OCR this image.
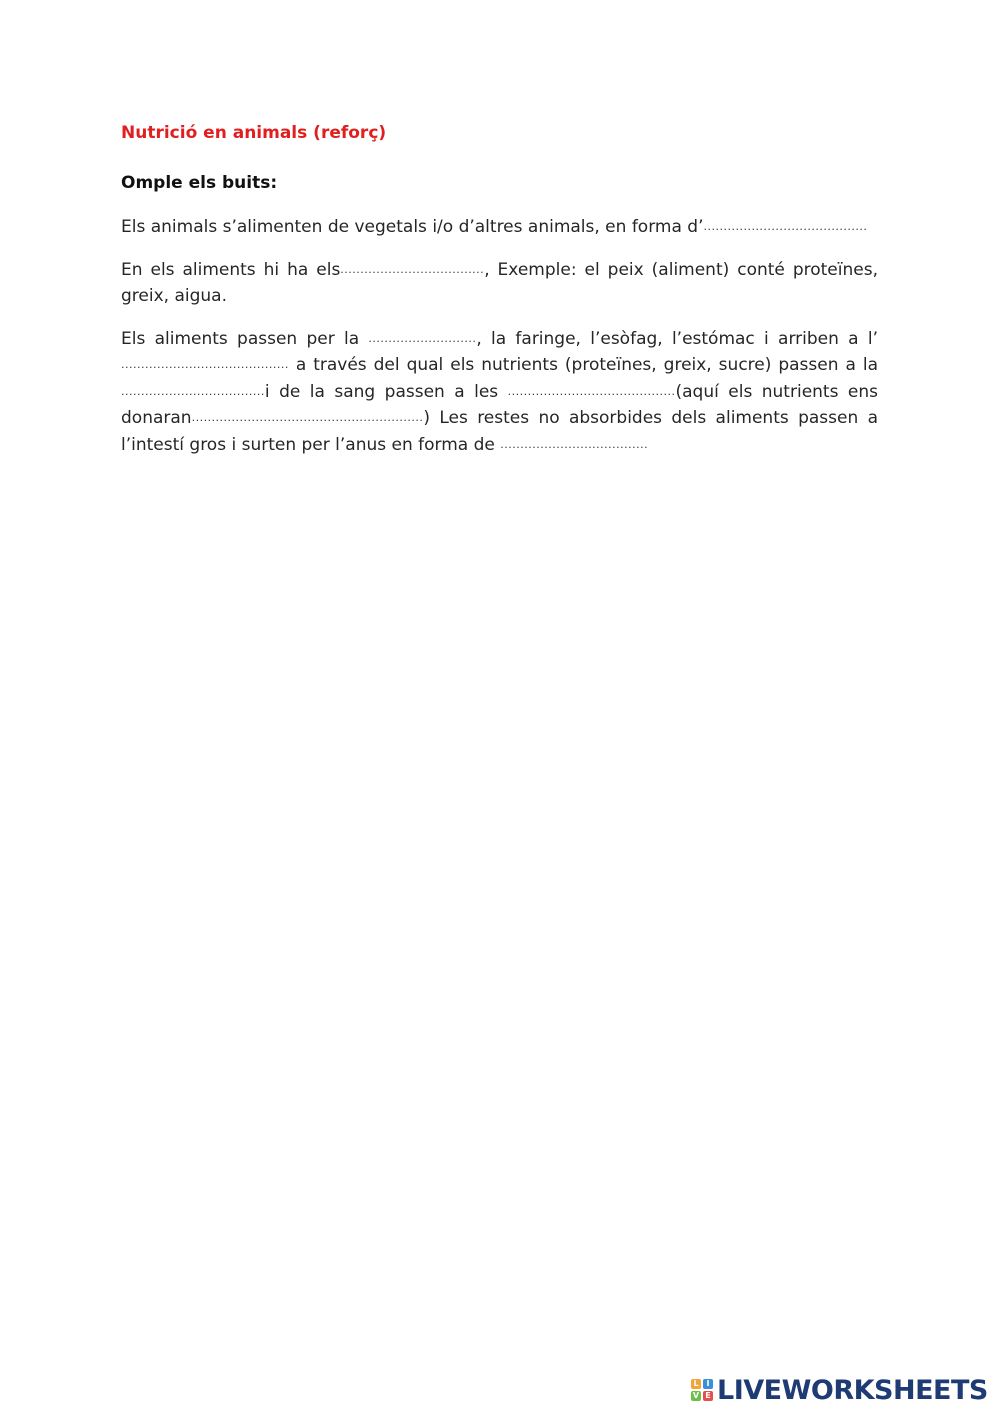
Nutrició en animals (reforç)
Omple els buits:

Els animals s’alimenten de vegetals i/o d’altres animals, en forma d’.........................................

En els aliments hi ha els...................................., Exemple: el peix (aliment) conté proteïnes, greix, aigua.

Els aliments passen per la ..........................., la faringe, l’esòfag, l’estómac i arriben a l’.......................................... a través del qual els nutrients (proteïnes, greix, sucre) passen a la ....................................i de la sang passen a les ..........................................(aquí els nutrients ens donaran..........................................................) Les restes no absorbides dels aliments passen a l’intestí gros i surten per l’anus en forma de .....................................

L I
V E LIVEWORKSHEETS
